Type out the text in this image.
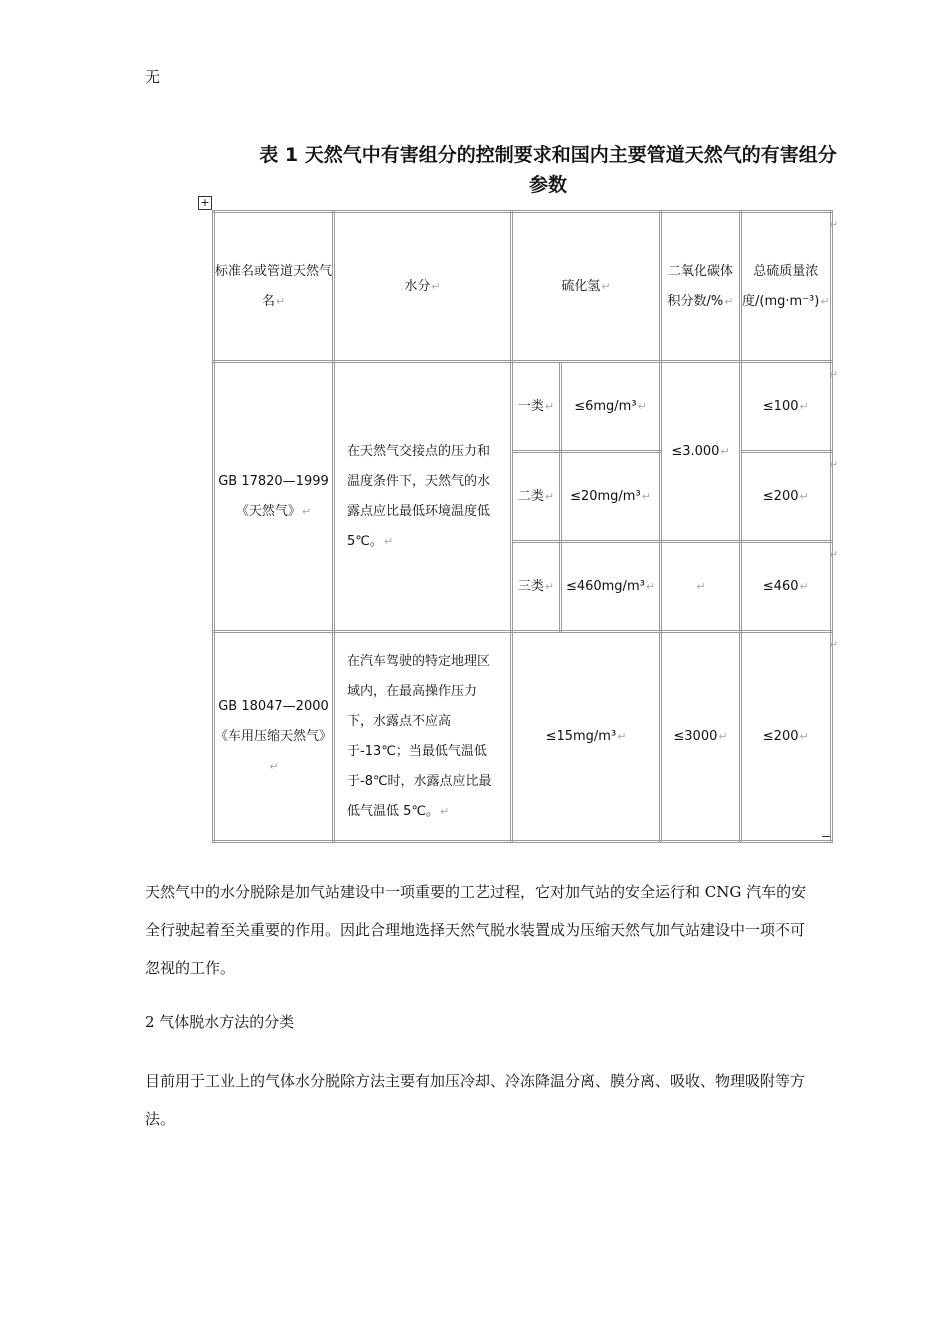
无
表 1 天然气中有害组分的控制要求和国内主要管道天然气的有害组分参数
+
标准名或管道天然气名↵	水分↵	硫化氢↵		二氧化碳体积分数/%↵	总硫质量浓度/(mg·m⁻³)↵
GB 17820—1999《天然气》↵	在天然气交接点的压力和温度条件下，天然气的水露点应比最低环境温度低 5℃。↵	一类↵	≤6mg/m³↵	≤3.000↵	≤100↵
		二类↵	≤20mg/m³↵		≤200↵
		三类↵	≤460mg/m³↵	↵	≤460↵
GB 18047—2000《车用压缩天然气》↵	在汽车驾驶的特定地理区域内，在最高操作压力下，水露点不应高于-13℃；当最低气温低于-8℃时，水露点应比最低气温低 5℃。↵	≤15mg/m³↵		≤3000↵	≤200↵
↵
↵
↵
↵
↵
天然气中的水分脱除是加气站建设中一项重要的工艺过程，它对加气站的安全运行和 CNG 汽车的安全行驶起着至关重要的作用。因此合理地选择天然气脱水装置成为压缩天然气加气站建设中一项不可忽视的工作。
2 气体脱水方法的分类
目前用于工业上的气体水分脱除方法主要有加压冷却、冷冻降温分离、膜分离、吸收、物理吸附等方法。
